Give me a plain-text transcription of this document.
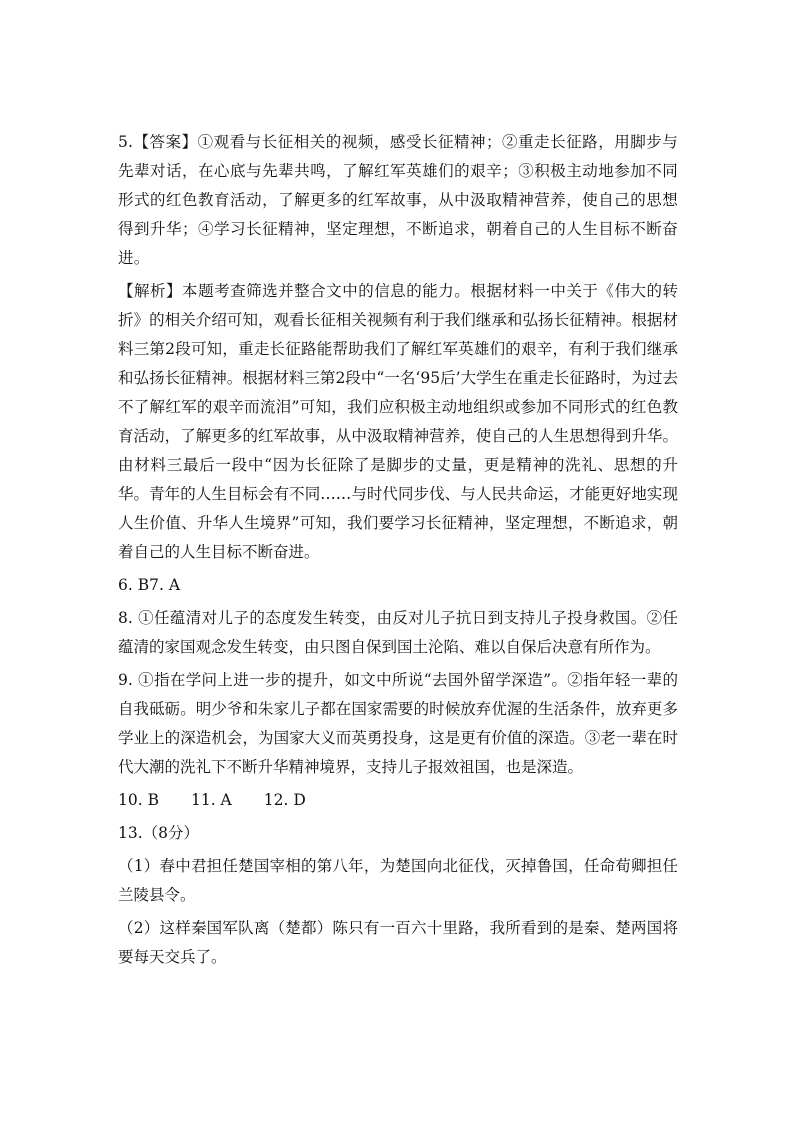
5.【答案】①观看与长征相关的视频，感受长征精神；②重走长征路，用脚步与先辈对话，在心底与先辈共鸣，了解红军英雄们的艰辛；③积极主动地参加不同形式的红色教育活动，了解更多的红军故事，从中汲取精神营养，使自己的思想得到升华；④学习长征精神，坚定理想，不断追求，朝着自己的人生目标不断奋进。

【解析】本题考查筛选并整合文中的信息的能力。根据材料一中关于《伟大的转折》的相关介绍可知，观看长征相关视频有利于我们继承和弘扬长征精神。根据材料三第2段可知，重走长征路能帮助我们了解红军英雄们的艰辛，有利于我们继承和弘扬长征精神。根据材料三第2段中“一名‘95后’大学生在重走长征路时，为过去不了解红军的艰辛而流泪”可知，我们应积极主动地组织或参加不同形式的红色教育活动，了解更多的红军故事，从中汲取精神营养，使自己的人生思想得到升华。由材料三最后一段中“因为长征除了是脚步的丈量，更是精神的洗礼、思想的升华。青年的人生目标会有不同……与时代同步伐、与人民共命运，才能更好地实现人生价值、升华人生境界”可知，我们要学习长征精神，坚定理想，不断追求，朝着自己的人生目标不断奋进。

6. B7. A

8. ①任蕴清对儿子的态度发生转变，由反对儿子抗日到支持儿子投身救国。②任蕴清的家国观念发生转变，由只图自保到国土沦陷、难以自保后决意有所作为。

9. ①指在学问上进一步的提升，如文中所说“去国外留学深造”。②指年轻一辈的自我砥砺。明少爷和朱家儿子都在国家需要的时候放弃优渥的生活条件，放弃更多学业上的深造机会，为国家大义而英勇投身，这是更有价值的深造。③老一辈在时代大潮的洗礼下不断升华精神境界，支持儿子报效祖国，也是深造。

10. B 11. A 12. D

13.（8分）

（1）春中君担任楚国宰相的第八年，为楚国向北征伐，灭掉鲁国，任命荀卿担任兰陵县令。

（2）这样秦国军队离（楚都）陈只有一百六十里路，我所看到的是秦、楚两国将要每天交兵了。
